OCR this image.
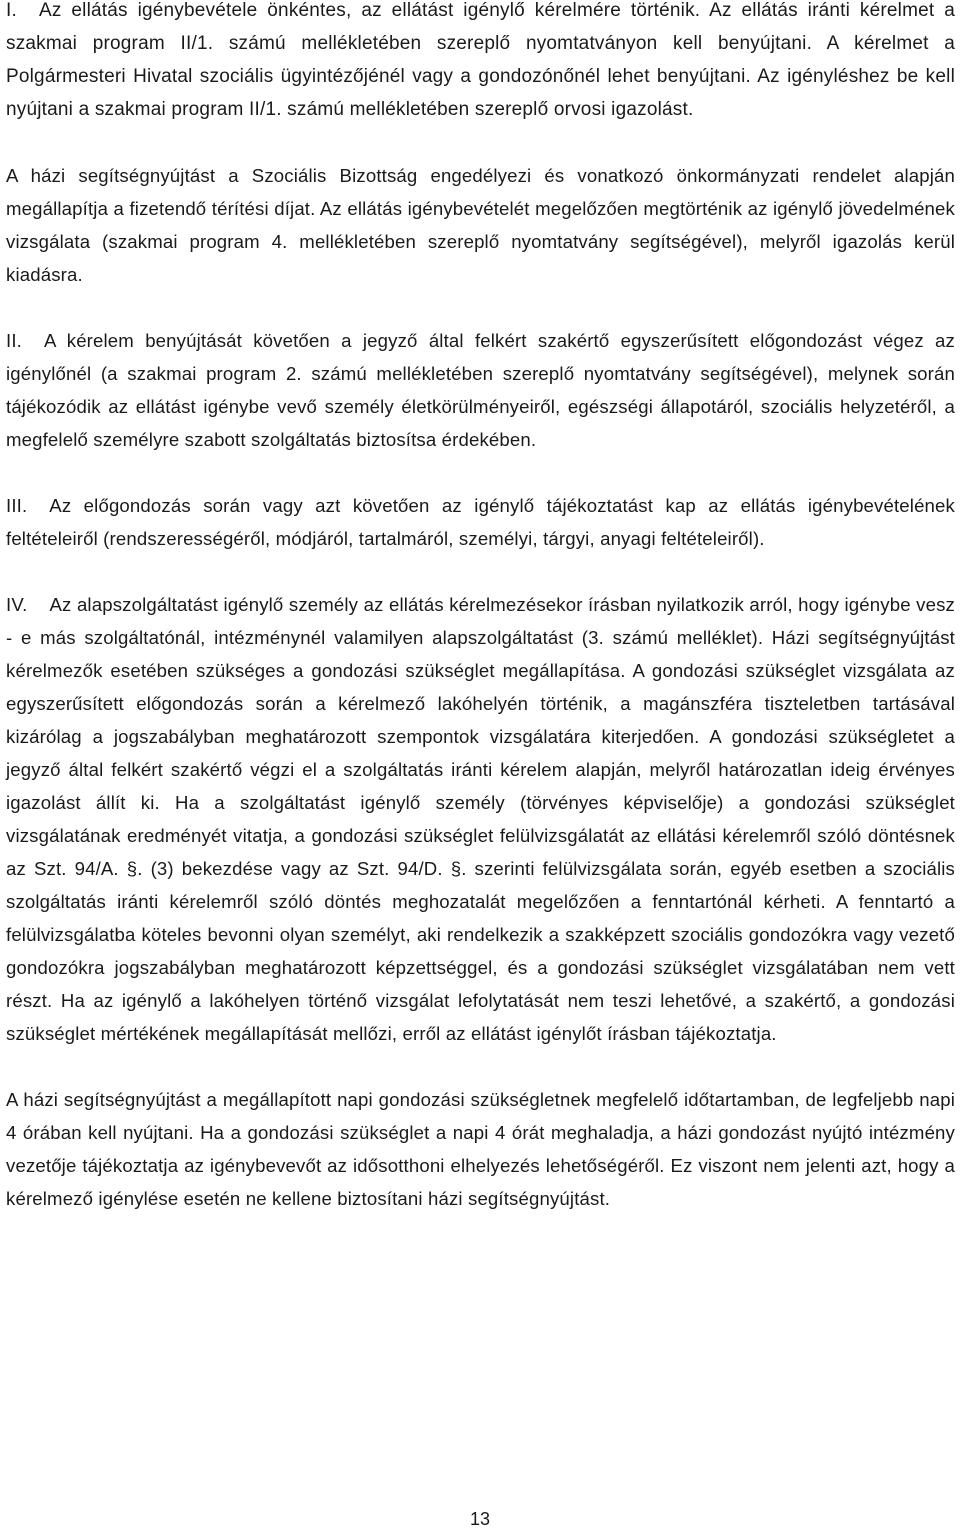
I. Az ellátás igénybevétele önkéntes, az ellátást igénylő kérelmére történik. Az ellátás iránti kérelmet a szakmai program II/1. számú mellékletében szereplő nyomtatványon kell benyújtani. A kérelmet a Polgármesteri Hivatal szociális ügyintézőjénél vagy a gondozónőnél lehet benyújtani. Az igényléshez be kell nyújtani a szakmai program II/1. számú mellékletében szereplő orvosi igazolást.

A házi segítségnyújtást a Szociális Bizottság engedélyezi és vonatkozó önkormányzati rendelet alapján megállapítja a fizetendő térítési díjat. Az ellátás igénybevételét megelőzően megtörténik az igénylő jövedelmének vizsgálata (szakmai program 4. mellékletében szereplő nyomtatvány segítségével), melyről igazolás kerül kiadásra.

II. A kérelem benyújtását követően a jegyző által felkért szakértő egyszerűsített előgondozást végez az igénylőnél (a szakmai program 2. számú mellékletében szereplő nyomtatvány segítségével), melynek során tájékozódik az ellátást igénybe vevő személy életkörülményeiről, egészségi állapotáról, szociális helyzetéről, a megfelelő személyre szabott szolgáltatás biztosítsa érdekében.

III. Az előgondozás során vagy azt követően az igénylő tájékoztatást kap az ellátás igénybevételének feltételeiről (rendszerességéről, módjáról, tartalmáról, személyi, tárgyi, anyagi feltételeiről).

IV. Az alapszolgáltatást igénylő személy az ellátás kérelmezésekor írásban nyilatkozik arról, hogy igénybe vesz - e más szolgáltatónál, intézménynél valamilyen alapszolgáltatást (3. számú melléklet). Házi segítségnyújtást kérelmezők esetében szükséges a gondozási szükséglet megállapítása. A gondozási szükséglet vizsgálata az egyszerűsített előgondozás során a kérelmező lakóhelyén történik, a magánszféra tiszteletben tartásával kizárólag a jogszabályban meghatározott szempontok vizsgálatára kiterjedően. A gondozási szükségletet a jegyző által felkért szakértő végzi el a szolgáltatás iránti kérelem alapján, melyről határozatlan ideig érvényes igazolást állít ki. Ha a szolgáltatást igénylő személy (törvényes képviselője) a gondozási szükséglet vizsgálatának eredményét vitatja, a gondozási szükséglet felülvizsgálatát az ellátási kérelemről szóló döntésnek az Szt. 94/A. §. (3) bekezdése vagy az Szt. 94/D. §. szerinti felülvizsgálata során, egyéb esetben a szociális szolgáltatás iránti kérelemről szóló döntés meghozatalát megelőzően a fenntartónál kérheti. A fenntartó a felülvizsgálatba köteles bevonni olyan személyt, aki rendelkezik a szakképzett szociális gondozókra vagy vezető gondozókra jogszabályban meghatározott képzettséggel, és a gondozási szükséglet vizsgálatában nem vett részt. Ha az igénylő a lakóhelyen történő vizsgálat lefolytatását nem teszi lehetővé, a szakértő, a gondozási szükséglet mértékének megállapítását mellőzi, erről az ellátást igénylőt írásban tájékoztatja.

A házi segítségnyújtást a megállapított napi gondozási szükségletnek megfelelő időtartamban, de legfeljebb napi 4 órában kell nyújtani. Ha a gondozási szükséglet a napi 4 órát meghaladja, a házi gondozást nyújtó intézmény vezetője tájékoztatja az igénybevevőt az idősotthoni elhelyezés lehetőségéről. Ez viszont nem jelenti azt, hogy a kérelmező igénylése esetén ne kellene biztosítani házi segítségnyújtást.

13
